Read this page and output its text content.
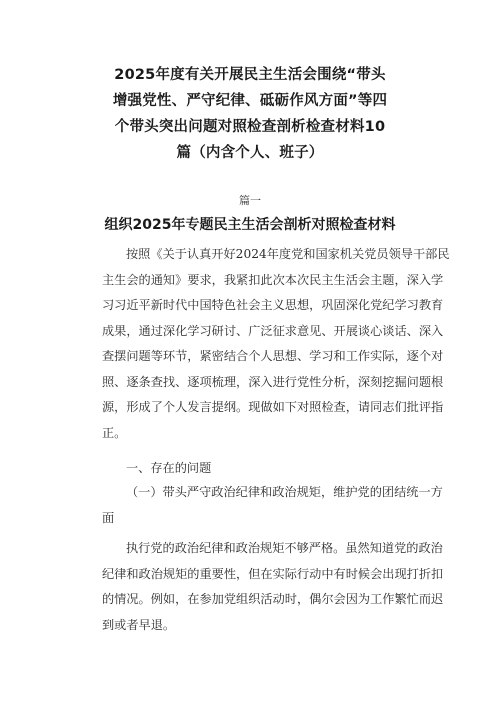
2025年度有关开展民主生活会围绕“带头
增强党性、严守纪律、砥砺作风方面”等四
个带头突出问题对照检查剖析检查材料10
篇（内含个人、班子）
篇一
组织2025年专题民主生活会剖析对照检查材料
按照《关于认真开好2024年度党和国家机关党员领导干部民
主生会的通知》要求，我紧扣此次本次民主生活会主题，深入学
习习近平新时代中国特色社会主义思想，巩固深化党纪学习教育
成果，通过深化学习研讨、广泛征求意见、开展谈心谈话、深入
查摆问题等环节，紧密结合个人思想、学习和工作实际，逐个对
照、逐条查找、逐项梳理，深入进行党性分析，深刻挖掘问题根
源，形成了个人发言提纲。现做如下对照检查，请同志们批评指
正。
一、存在的问题
（一）带头严守政治纪律和政治规矩，维护党的团结统一方
面
执行党的政治纪律和政治规矩不够严格。虽然知道党的政治
纪律和政治规矩的重要性，但在实际行动中有时候会出现打折扣
的情况。例如，在参加党组织活动时，偶尔会因为工作繁忙而迟
到或者早退。
